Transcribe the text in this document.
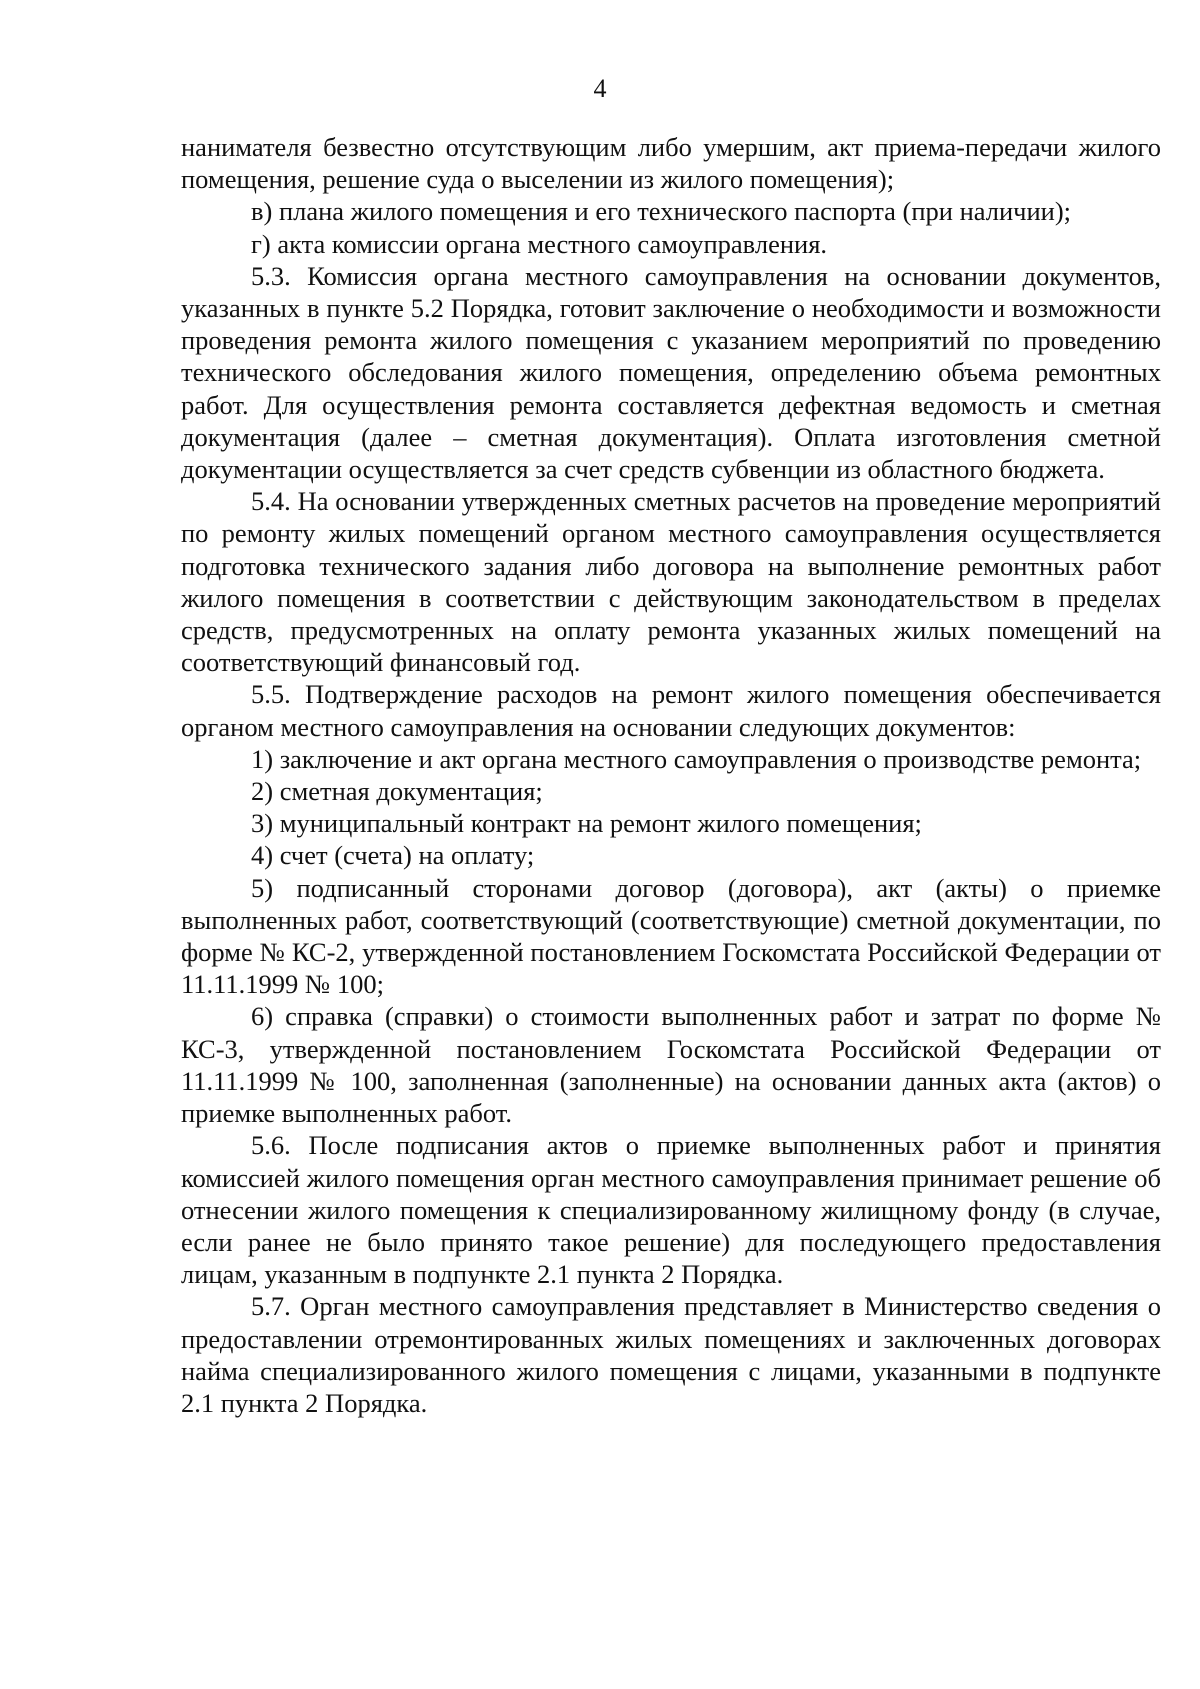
4

нанимателя безвестно отсутствующим либо умершим, акт приема-передачи жилого помещения, решение суда о выселении из жилого помещения);

в) плана жилого помещения и его технического паспорта (при наличии);

г) акта комиссии органа местного самоуправления.

5.3. Комиссия органа местного самоуправления на основании документов, указанных в пункте 5.2 Порядка, готовит заключение о необходимости и возможности проведения ремонта жилого помещения с указанием мероприятий по проведению технического обследования жилого помещения, определению объема ремонтных работ. Для осуществления ремонта составляется дефектная ведомость и сметная документация (далее – сметная документация). Оплата изготовления сметной документации осуществляется за счет средств субвенции из областного бюджета.

5.4. На основании утвержденных сметных расчетов на проведение мероприятий по ремонту жилых помещений органом местного самоуправления осуществляется подготовка технического задания либо договора на выполнение ремонтных работ жилого помещения в соответствии с действующим законодательством в пределах средств, предусмотренных на оплату ремонта указанных жилых помещений на соответствующий финансовый год.

5.5. Подтверждение расходов на ремонт жилого помещения обеспечивается органом местного самоуправления на основании следующих документов:

1) заключение и акт органа местного самоуправления о производстве ремонта;

2) сметная документация;

3) муниципальный контракт на ремонт жилого помещения;

4) счет (счета) на оплату;

5) подписанный сторонами договор (договора), акт (акты) о приемке выполненных работ, соответствующий (соответствующие) сметной документации, по форме № КС-2, утвержденной постановлением Госкомстата Российской Федерации от 11.11.1999 № 100;

6) справка (справки) о стоимости выполненных работ и затрат по форме № КС-3, утвержденной постановлением Госкомстата Российской Федерации от 11.11.1999 № 100, заполненная (заполненные) на основании данных акта (актов) о приемке выполненных работ.

5.6. После подписания актов о приемке выполненных работ и принятия комиссией жилого помещения орган местного самоуправления принимает решение об отнесении жилого помещения к специализированному жилищному фонду (в случае, если ранее не было принято такое решение) для последующего предоставления лицам, указанным в подпункте 2.1 пункта 2 Порядка.

5.7. Орган местного самоуправления представляет в Министерство сведения о предоставлении отремонтированных жилых помещениях и заключенных договорах найма специализированного жилого помещения с лицами, указанными в подпункте 2.1 пункта 2 Порядка.
